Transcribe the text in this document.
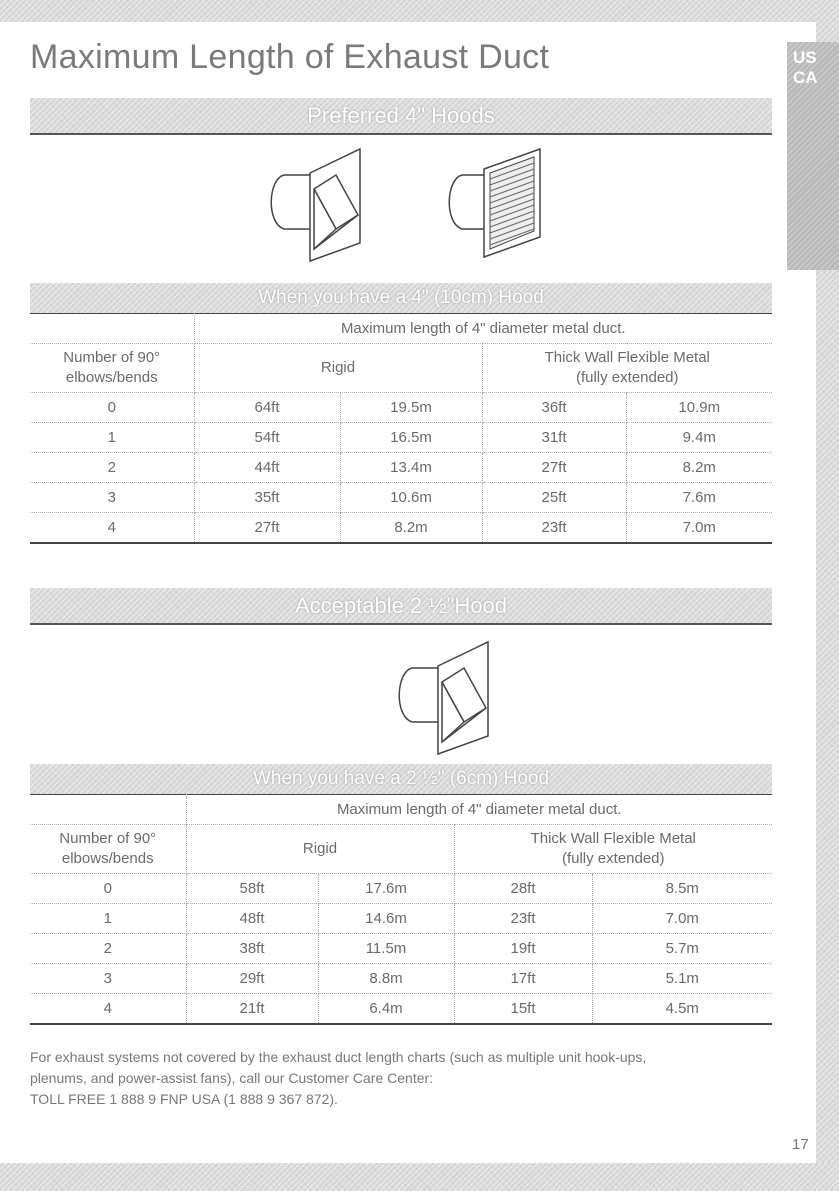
US
CA
Maximum Length of Exhaust Duct
Preferred 4" Hoods
When you have a 4" (10cm) Hood
	Maximum length of 4" diameter metal duct.			
Number of 90°
elbows/bends	Rigid		Thick Wall Flexible Metal
(fully extended)	
0	64ft	19.5m	36ft	10.9m
1	54ft	16.5m	31ft	9.4m
2	44ft	13.4m	27ft	8.2m
3	35ft	10.6m	25ft	7.6m
4	27ft	8.2m	23ft	7.0m
Acceptable 2 ½"Hood
When you have a 2 ½" (6cm) Hood
	Maximum length of 4" diameter metal duct.			
Number of 90°
elbows/bends	Rigid		Thick Wall Flexible Metal
(fully extended)	
0	58ft	17.6m	28ft	8.5m
1	48ft	14.6m	23ft	7.0m
2	38ft	11.5m	19ft	5.7m
3	29ft	8.8m	17ft	5.1m
4	21ft	6.4m	15ft	4.5m

For exhaust systems not covered by the exhaust duct length charts (such as multiple unit hook-ups,
plenums, and power-assist fans), call our Customer Care Center:
TOLL FREE 1 888 9 FNP USA (1 888 9 367 872).

17
